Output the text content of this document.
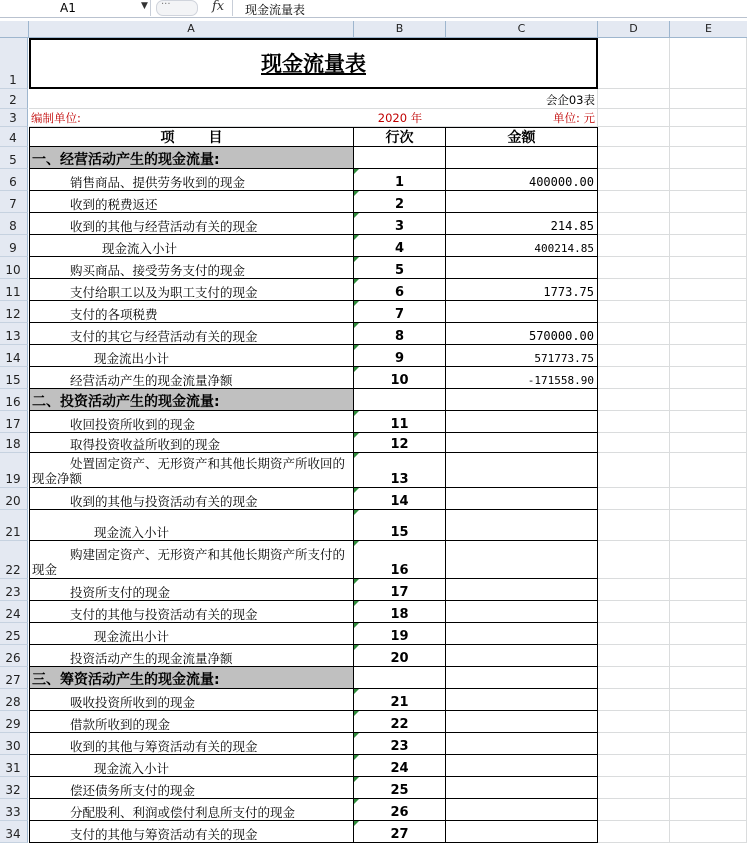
A1	▼ ···	fx 现金流量表
A	B	C	D	E
1
现金流量表
2	会企03表
3	编制单位:	2020 年	单位: 元
4	项       目	行次	金额
5	一、经营活动产生的现金流量:
6	销售商品、提供劳务收到的现金	1	400000.00
7	收到的税费返还	2
8	收到的其他与经营活动有关的现金	3	214.85
9	现金流入小计	4	400214.85
10	购买商品、接受劳务支付的现金	5
11	支付给职工以及为职工支付的现金	6	1773.75
12	支付的各项税费	7
13	支付的其它与经营活动有关的现金	8	570000.00
14	现金流出小计	9	571773.75
15	经营活动产生的现金流量净额	10	-171558.90
16 二、投资活动产生的现金流量:
17	收回投资所收到的现金	11
18	取得投资收益所收到的现金	12
19
处置固定资产、无形资产和其他长期资产所收回的现金净额	13
20	收到的其他与投资活动有关的现金	14
21	现金流入小计	15
22
购建固定资产、无形资产和其他长期资产所支付的现金	16
23	投资所支付的现金	17
24	支付的其他与投资活动有关的现金	18
25	现金流出小计	19
26	投资活动产生的现金流量净额	20
27 三、筹资活动产生的现金流量:
28	吸收投资所收到的现金	21
29	借款所收到的现金	22
30	收到的其他与筹资活动有关的现金	23
31	现金流入小计	24
32	偿还债务所支付的现金	25
33	分配股利、利润或偿付利息所支付的现金	26
34	支付的其他与筹资活动有关的现金	27
